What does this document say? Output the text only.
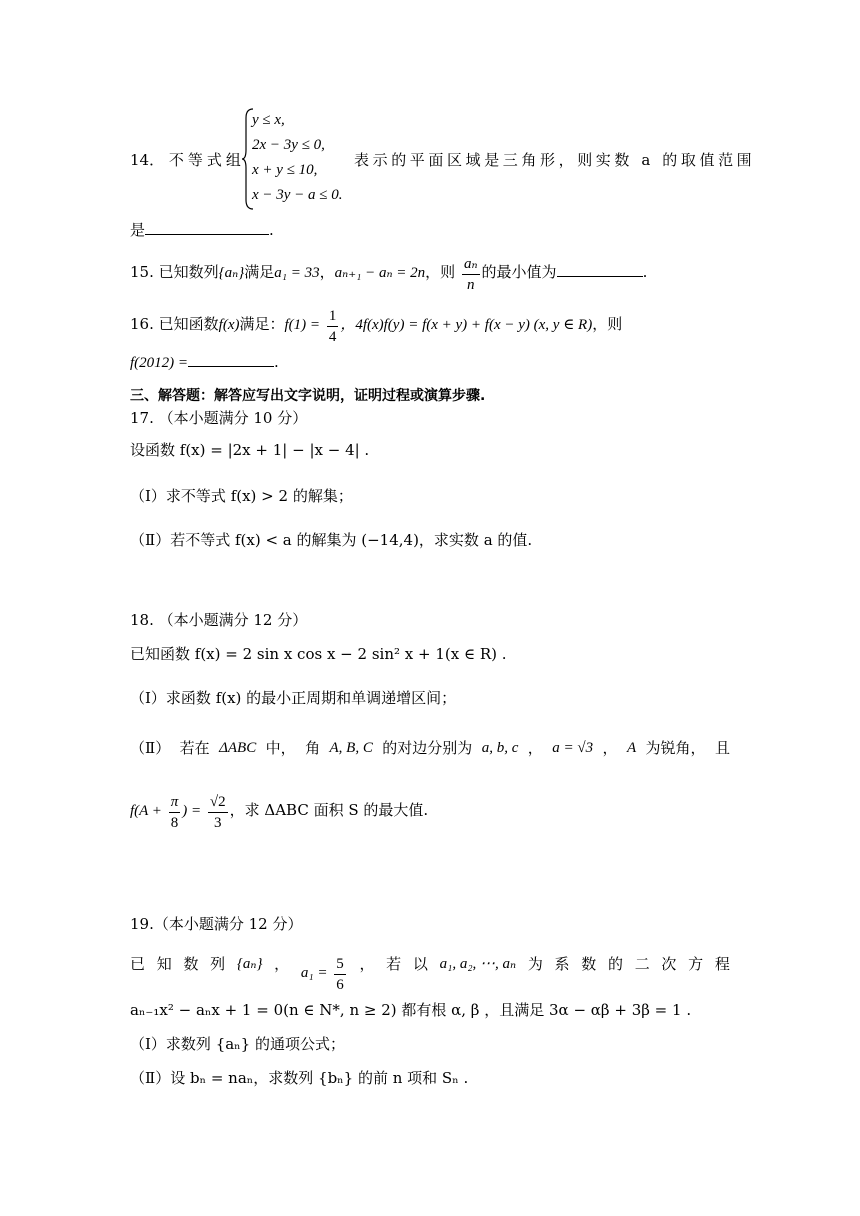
14． 不等式组
y ≤ x,
2x − 3y ≤ 0,
x + y ≤ 10,
x − 3y − a ≤ 0.
表示的平面区域是三角形，则实数 a 的取值范围
是	.
15. 已知数列{aₙ}满足a₁ = 33，aₙ₊₁ − aₙ = 2n，则 $\frac{\text{aₙ}}{n}$ 的最小值为	.
16. 已知函数f(x)满足：$f(1) = \frac{1}{4}$ ，4f(x)f(y) = f(x + y) + f(x − y) (x, y ∈ R)，则
f(2012) =	.
三、解答题：解答应写出文字说明，证明过程或演算步骤.
17. （本小题满分 10 分）
设函数 f(x) = |2x + 1| − |x − 4| .
（Ⅰ）求不等式 f(x) > 2 的解集；
（Ⅱ）若不等式 f(x) < a 的解集为 (−14,4)，求实数 a 的值.
18. （本小题满分 12 分）
已知函数 f(x) = 2 sin x cos x − 2 sin² x + 1(x ∈ R) .
（Ⅰ）求函数 f(x) 的最小正周期和单调递增区间；
（Ⅱ） 若在 ΔABC 中， 角 A, B, C 的对边分别为 a, b, c ， a = √3 ， A 为锐角， 且
$f(A + \frac{\pi}{8}$ ) = $\frac{√2}{3}$ ，求 ΔABC 面积 S 的最大值.
19.（本小题满分 12 分）
已 知 数 列 {aₙ} ， $a_1 = \frac{5}{6}$ ， 若 以 a₁, a₂, ⋯, aₙ 为 系 数 的 二 次 方 程
aₙ₋₁x² − aₙx + 1 = 0(n ∈ N*, n ≥ 2) 都有根 α, β ，且满足 3α − αβ + 3β = 1 .
（Ⅰ）求数列 {aₙ} 的通项公式；
（Ⅱ）设 bₙ = naₙ，求数列 {bₙ} 的前 n 项和 Sₙ .
